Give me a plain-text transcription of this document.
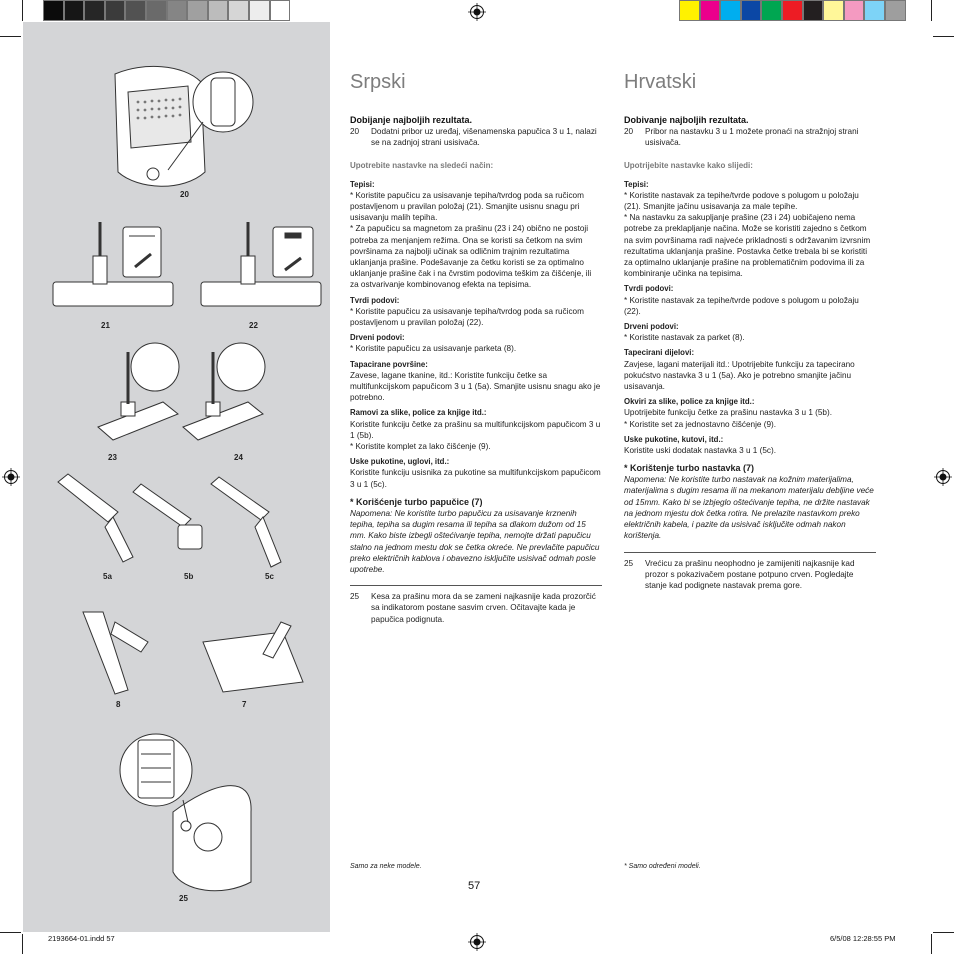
20
21	22
23	24
5a	5b	5c
8	7
25
Srpski
Dobijanje najboljih rezultata.
20	Dodatni pribor uz uređaj, višenamenska papučica 3 u 1, nalazi se na zadnjoj strani usisivača.
Upotrebite nastavke na sledeći način:
Tepisi:
* Koristite papučicu za usisavanje tepiha/tvrdog poda sa ručicom postavljenom u pravilan položaj (21). Smanjite usisnu snagu pri usisavanju malih tepiha.
* Za papučicu sa magnetom za prašinu (23 i 24) obično ne postoji potreba za menjanjem režima. Ona se koristi sa četkom na svim površinama za najbolji učinak sa odličnim trajnim rezultatima uklanjanja prašine. Podešavanje za četku koristi se za optimalno uklanjanje prašine čak i na čvrstim podovima teškim za čišćenje, ili za ostvarivanje kombinovanog efekta na tepisima.
Tvrdi podovi:
* Koristite papučicu za usisavanje tepiha/tvrdog poda sa ručicom postavljenom u pravilan položaj (22).
Drveni podovi:
* Koristite papučicu za usisavanje parketa (8).
Tapacirane površine:
Zavese, lagane tkanine, itd.: Koristite funkciju četke sa multifunkcijskom papučicom 3 u 1 (5a). Smanjite usisnu snagu ako je potrebno.
Ramovi za slike, police za knjige itd.:
Koristite funkciju četke za prašinu sa multifunkcijskom papučicom 3 u 1 (5b).
* Koristite komplet za lako čišćenje (9).
Uske pukotine, uglovi, itd.:
Koristite funkciju usisnika za pukotine sa multifunkcijskom papučicom 3 u 1 (5c).
* Korišćenje turbo papučice (7)
Napomena: Ne koristite turbo papučicu za usisavanje krznenih tepiha, tepiha sa dugim resama ili tepiha sa dlakom dužom od 15 mm. Kako biste izbegli oštećivanje tepiha, nemojte držati papučicu stalno na jednom mestu dok se četka okreće. Ne prevlačite papučicu preko električnih kablova i obavezno isključite usisivač odmah posle upotrebe.
25	Kesa za prašinu mora da se zameni najkasnije kada prozorčić sa indikatorom postane sasvim crven. Očitavajte kada je papučica podignuta.
Samo za neke modele.
Hrvatski
Dobivanje najboljih rezultata.
20	Pribor na nastavku 3 u 1 možete pronaći na stražnjoj strani usisivača.
Upotrijebite nastavke kako slijedi:
Tepisi:
* Koristite nastavak za tepihe/tvrde podove s polugom u položaju (21). Smanjite jačinu usisavanja za male tepihe.
* Na nastavku za sakupljanje prašine (23 i 24) uobičajeno nema potrebe za preklapljanje načina. Može se koristiti zajedno s četkom na svim površinama radi najveće prikladnosti s održavanim izvrsnim rezultatima uklanjanja prašine. Postavka četke trebala bi se koristiti za optimalno uklanjanje prašine na problematičnim podovima ili za kombiniranje učinka na tepisima.
Tvrdi podovi:
* Koristite nastavak za tepihe/tvrde podove s polugom u položaju (22).
Drveni podovi:
* Koristite nastavak za parket (8).
Tapecirani dijelovi:
Zavjese, lagani materijali itd.: Upotrijebite funkciju za tapecirano pokućstvo nastavka 3 u 1 (5a). Ako je potrebno smanjite jačinu usisavanja.
Okviri za slike, police za knjige itd.:
Upotrijebite funkciju četke za prašinu nastavka 3 u 1 (5b).
* Koristite set za jednostavno čišćenje (9).
Uske pukotine, kutovi, itd.:
Koristite uski dodatak nastavka 3 u 1 (5c).
* Korištenje turbo nastavka (7)
Napomena: Ne koristite turbo nastavak na kožnim materijalima, materijalima s dugim resama ili na mekanom materijalu debljine veće od 15mm. Kako bi se izbjeglo oštećivanje tepiha, ne držite nastavak na jednom mjestu dok četka rotira. Ne prelazite nastavkom preko električnih kabela, i pazite da usisivač isključite odmah nakon korištenja.
25	Vrećicu za prašinu neophodno je zamijeniti najkasnije kad prozor s pokazivačem postane potpuno crven. Pogledajte stanje kad podignete nastavak prema gore.
* Samo određeni modeli.
57
2193664-01.indd 57	6/5/08 12:28:55 PM
